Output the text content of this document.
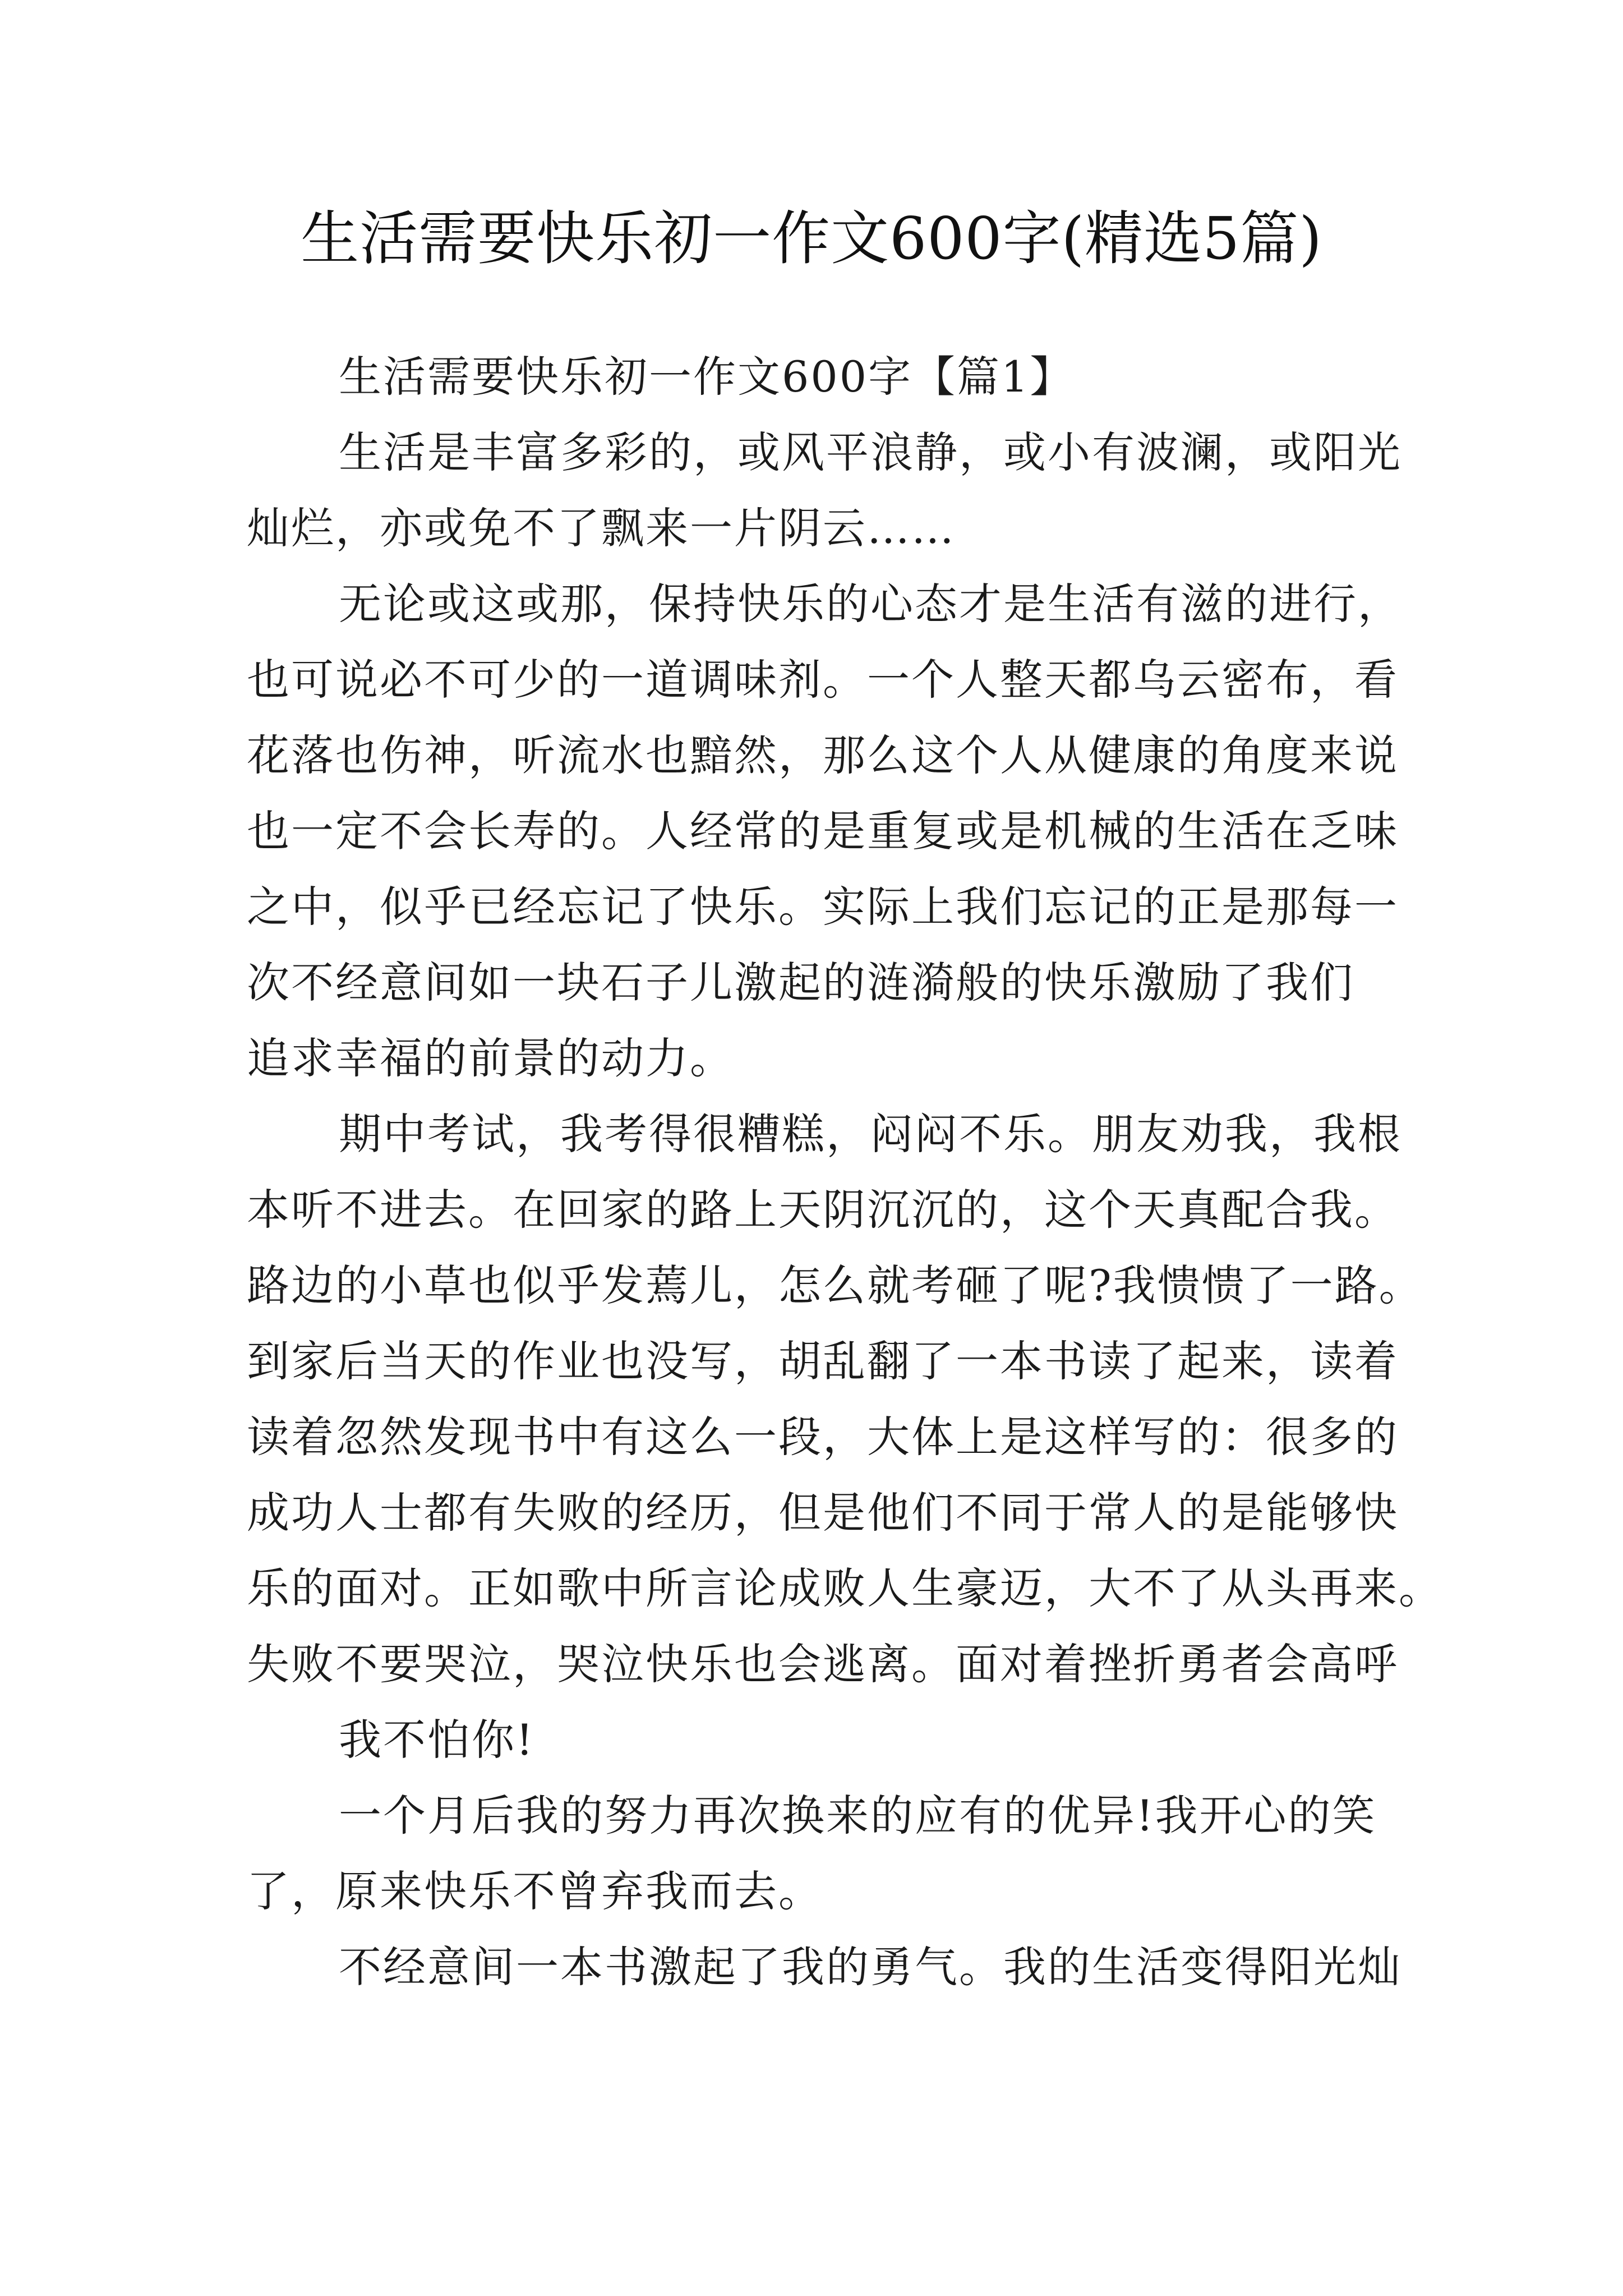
生活需要快乐初一作文600字(精选5篇)

生活需要快乐初一作文600字【篇1】

生活是丰富多彩的，或风平浪静，或小有波澜，或阳光

灿烂，亦或免不了飘来一片阴云……

无论或这或那，保持快乐的心态才是生活有滋的进行，

也可说必不可少的一道调味剂。一个人整天都乌云密布，看

花落也伤神，听流水也黯然，那么这个人从健康的角度来说

也一定不会长寿的。人经常的是重复或是机械的生活在乏味

之中，似乎已经忘记了快乐。实际上我们忘记的正是那每一

次不经意间如一块石子儿激起的涟漪般的快乐激励了我们

追求幸福的前景的动力。

期中考试，我考得很糟糕，闷闷不乐。朋友劝我，我根

本听不进去。在回家的路上天阴沉沉的，这个天真配合我。

路边的小草也似乎发蔫儿，怎么就考砸了呢?我愦愦了一路。

到家后当天的作业也没写，胡乱翻了一本书读了起来，读着

读着忽然发现书中有这么一段，大体上是这样写的：很多的

成功人士都有失败的经历，但是他们不同于常人的是能够快

乐的面对。正如歌中所言论成败人生豪迈，大不了从头再来。

失败不要哭泣，哭泣快乐也会逃离。面对着挫折勇者会高呼

我不怕你!

一个月后我的努力再次换来的应有的优异!我开心的笑

了，原来快乐不曾弃我而去。

不经意间一本书激起了我的勇气。我的生活变得阳光灿
